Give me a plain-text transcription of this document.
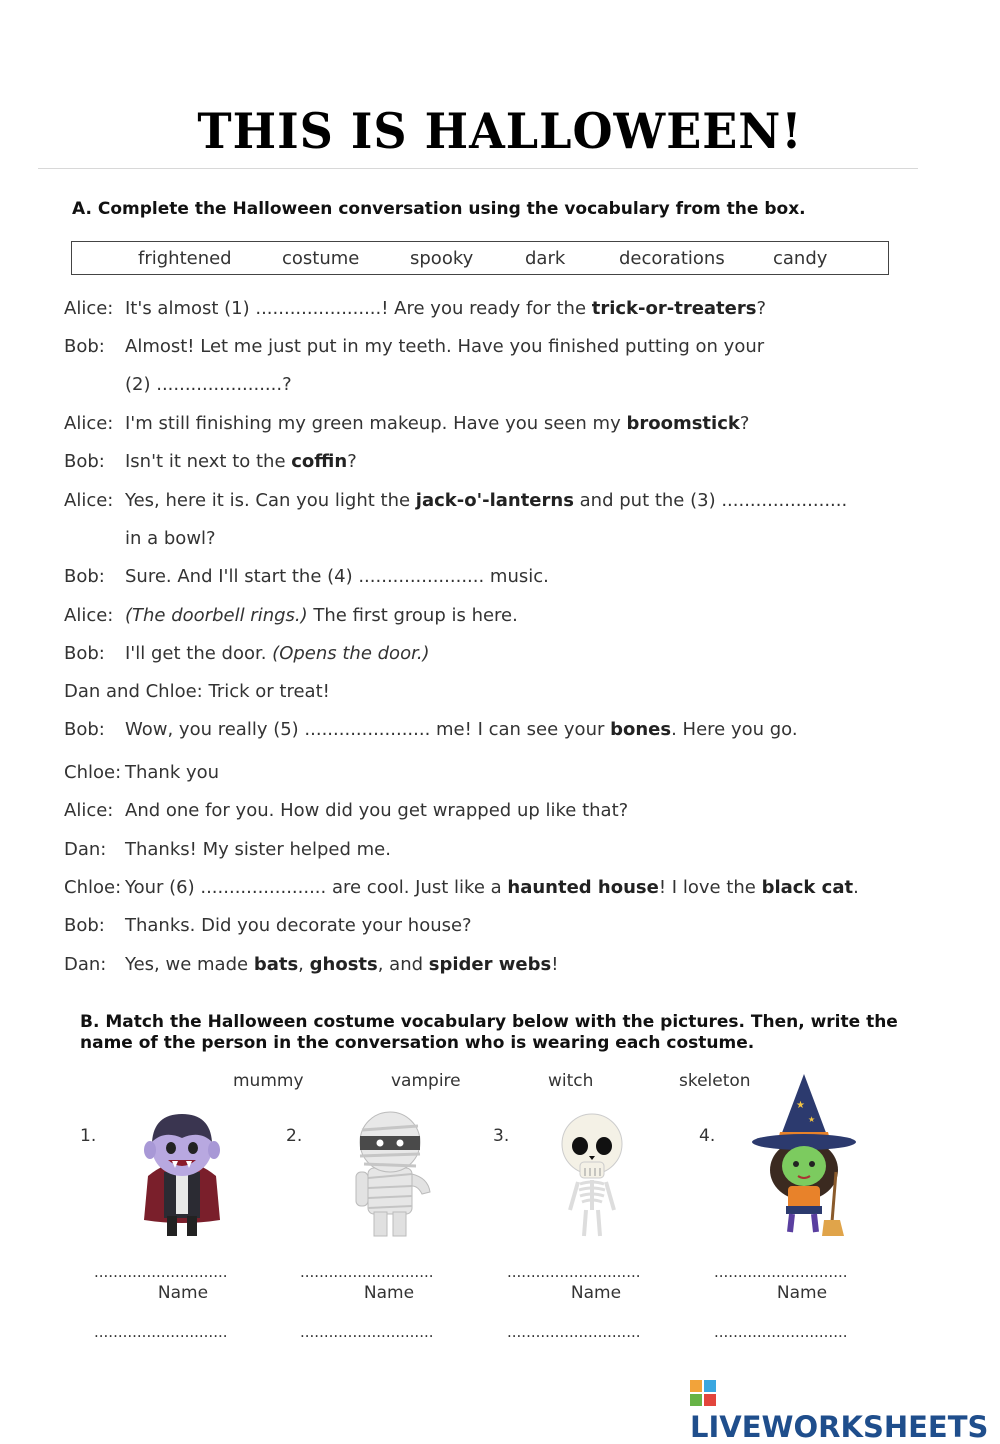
THIS IS HALLOWEEN!
A. Complete the Halloween conversation using the vocabulary from the box.
frightened	costume	spooky	dark	decorations	candy
Alice: It's almost (1) ......................! Are you ready for the trick-or-treaters?
Bob: Almost! Let me just put in my teeth. Have you finished putting on your
(2) ......................?
Alice: I'm still finishing my green makeup. Have you seen my broomstick?
Bob: Isn't it next to the coffin?
Alice: Yes, here it is. Can you light the jack-o'-lanterns and put the (3) ......................
in a bowl?
Bob: Sure. And I'll start the (4) ...................... music.
Alice: (The doorbell rings.) The first group is here.
Bob: I'll get the door. (Opens the door.)
Dan and Chloe: Trick or treat!
Bob: Wow, you really (5) ...................... me! I can see your bones. Here you go.
Chloe: Thank you
Alice: And one for you. How did you get wrapped up like that?
Dan: Thanks! My sister helped me.
Chloe: Your (6) ...................... are cool. Just like a haunted house! I love the black cat.
Bob: Thanks. Did you decorate your house?
Dan: Yes, we made bats, ghosts, and spider webs!
B. Match the Halloween costume vocabulary below with the pictures. Then, write the name of the person in the conversation who is wearing each costume.
mummy	vampire	witch	skeleton
1.	2.	3.	4.
★
★
............................	............................	............................	............................
Name	Name	Name	Name
............................	............................	............................	............................
LIVEWORKSHEETS
